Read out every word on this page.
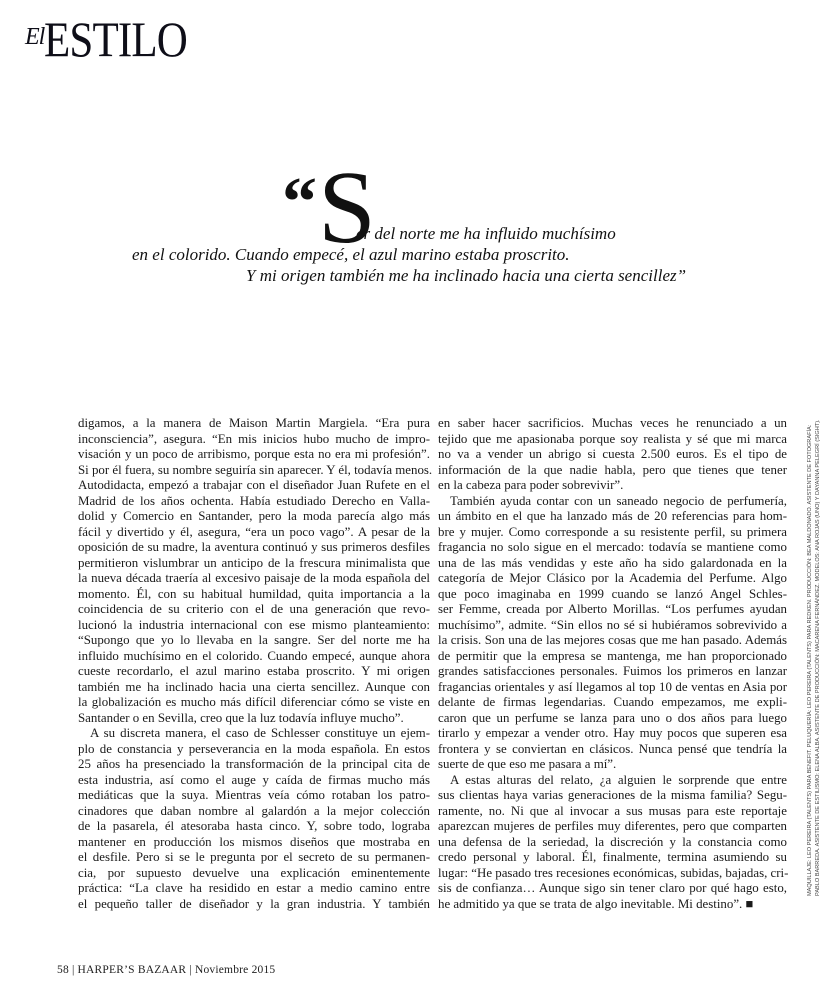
ElESTILO
“ S
er del norte me ha influido muchísimo
en el colorido. Cuando empecé, el azul marino estaba proscrito.
Y mi origen también me ha inclinado hacia una cierta sencillez”
digamos, a la manera de Maison Martin Margiela. “Era pura
inconsciencia”, asegura. “En mis inicios hubo mucho de impro-
visación y un poco de arribismo, porque esta no era mi profesión”.
Si por él fuera, su nombre seguiría sin aparecer. Y él, todavía menos.
Autodidacta, empezó a trabajar con el diseñador Juan Rufete en el
Madrid de los años ochenta. Había estudiado Derecho en Valla-
dolid y Comercio en Santander, pero la moda parecía algo más
fácil y divertido y él, asegura, “era un poco vago”. A pesar de la
oposición de su madre, la aventura continuó y sus primeros desfiles
permitieron vislumbrar un anticipo de la frescura minimalista que
la nueva década traería al excesivo paisaje de la moda española del
momento. Él, con su habitual humildad, quita importancia a la
coincidencia de su criterio con el de una generación que revo-
lucionó la industria internacional con ese mismo planteamiento:
“Supongo que yo lo llevaba en la sangre. Ser del norte me ha
influido muchísimo en el colorido. Cuando empecé, aunque ahora
cueste recordarlo, el azul marino estaba proscrito. Y mi origen
también me ha inclinado hacia una cierta sencillez. Aunque con
la globalización es mucho más difícil diferenciar cómo se viste en
Santander o en Sevilla, creo que la luz todavía influye mucho”.
A su discreta manera, el caso de Schlesser constituye un ejem-
plo de constancia y perseverancia en la moda española. En estos
25 años ha presenciado la transformación de la principal cita de
esta industria, así como el auge y caída de firmas mucho más
mediáticas que la suya. Mientras veía cómo rotaban los patro-
cinadores que daban nombre al galardón a la mejor colección
de la pasarela, él atesoraba hasta cinco. Y, sobre todo, lograba
mantener en producción los mismos diseños que mostraba en
el desfile. Pero si se le pregunta por el secreto de su permanen-
cia, por supuesto devuelve una explicación eminentemente
práctica: “La clave ha residido en estar a medio camino entre
el pequeño taller de diseñador y la gran industria. Y también
en saber hacer sacrificios. Muchas veces he renunciado a un
tejido que me apasionaba porque soy realista y sé que mi marca
no va a vender un abrigo si cuesta 2.500 euros. Es el tipo de
información de la que nadie habla, pero que tienes que tener
en la cabeza para poder sobrevivir”.
También ayuda contar con un saneado negocio de perfumería,
un ámbito en el que ha lanzado más de 20 referencias para hom-
bre y mujer. Como corresponde a su resistente perfil, su primera
fragancia no solo sigue en el mercado: todavía se mantiene como
una de las más vendidas y este año ha sido galardonada en la
categoría de Mejor Clásico por la Academia del Perfume. Algo
que poco imaginaba en 1999 cuando se lanzó Angel Schles-
ser Femme, creada por Alberto Morillas. “Los perfumes ayudan
muchísimo”, admite. “Sin ellos no sé si hubiéramos sobrevivido a
la crisis. Son una de las mejores cosas que me han pasado. Además
de permitir que la empresa se mantenga, me han proporcionado
grandes satisfacciones personales. Fuimos los primeros en lanzar
fragancias orientales y así llegamos al top 10 de ventas en Asia por
delante de firmas legendarias. Cuando empezamos, me expli-
caron que un perfume se lanza para uno o dos años para luego
tirarlo y empezar a vender otro. Hay muy pocos que superen esa
frontera y se conviertan en clásicos. Nunca pensé que tendría la
suerte de que eso me pasara a mí”.
A estas alturas del relato, ¿a alguien le sorprende que entre
sus clientas haya varias generaciones de la misma familia? Segu-
ramente, no. Ni que al invocar a sus musas para este reportaje
aparezcan mujeres de perfiles muy diferentes, pero que comparten
una defensa de la seriedad, la discreción y la constancia como
credo personal y laboral. Él, finalmente, termina asumiendo su
lugar: “He pasado tres recesiones económicas, subidas, bajadas, cri-
sis de confianza… Aunque sigo sin tener claro por qué hago esto,
he admitido ya que se trata de algo inevitable. Mi destino”. ■
MAQUILLAJE: LEO PEREIRA (TALENTS) PARA BENEFIT. PELUQUERÍA: LEO PEREIRA (TALENTS) PARA REDKEN. PRODUCCIÓN: BEA MALDONADO. ASISTENTE DE FOTOGRAFÍA: PABLO BARREDA. ASISTENTE DE ESTILISMO: ELENA ALBA. ASISTENTE DE PRODUCCIÓN: MACARENA FERNÁNDEZ. MODELOS: ANA ROJAS (UNO) Y DAYANNA PELEGRÍ (SIGHT).
58 | HARPER’S BAZAAR | Noviembre 2015
